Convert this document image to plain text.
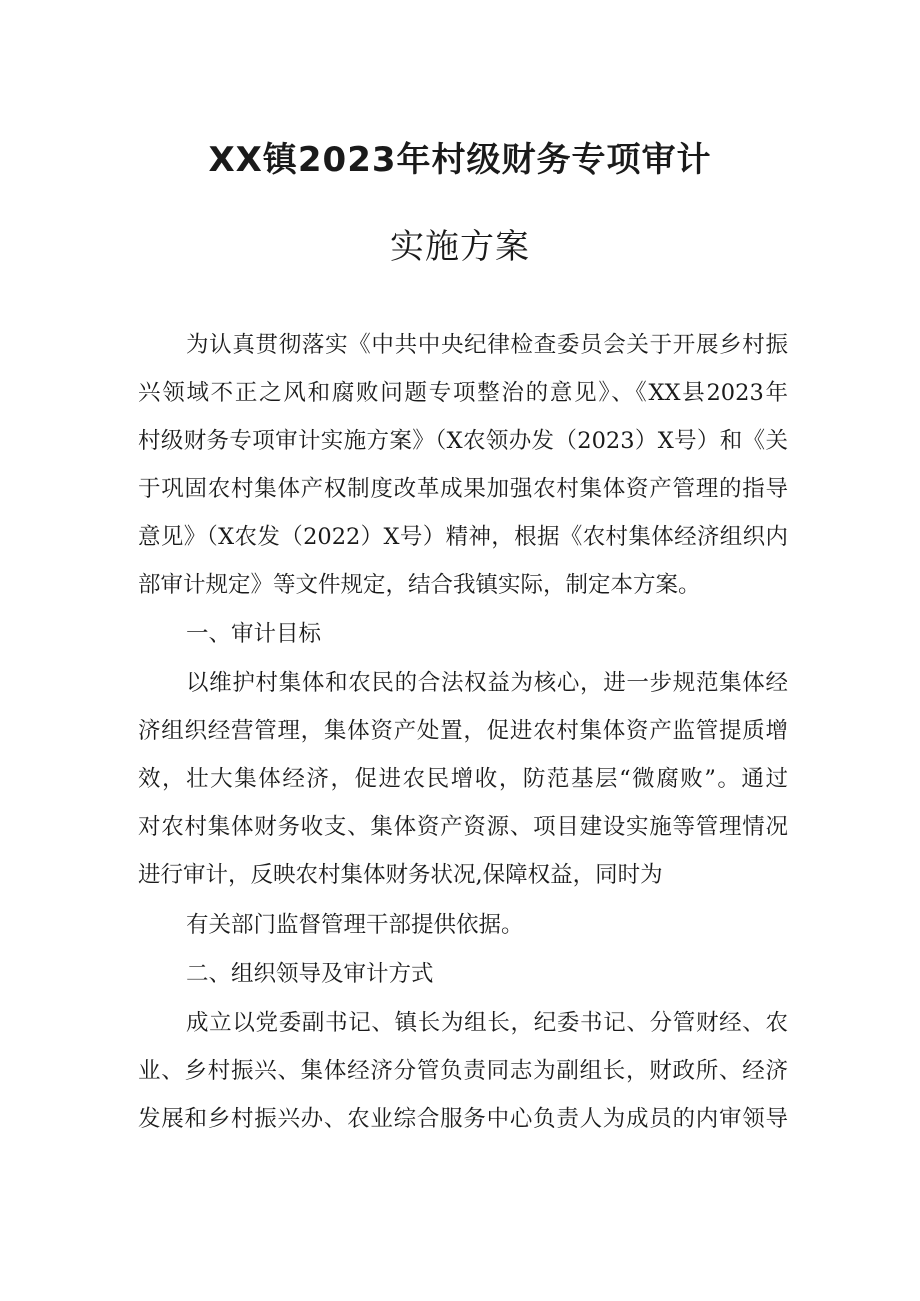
XX镇2023年村级财务专项审计
实施方案
为认真贯彻落实《中共中央纪律检查委员会关于开展乡村振
兴领域不正之风和腐败问题专项整治的意见》、《XX县2023年
村级财务专项审计实施方案》（X农领办发（2023）X号）和《关
于巩固农村集体产权制度改革成果加强农村集体资产管理的指导
意见》（X农发（2022）X号）精神，根据《农村集体经济组织内
部审计规定》等文件规定，结合我镇实际，制定本方案。
一、审计目标
以维护村集体和农民的合法权益为核心，进一步规范集体经
济组织经营管理，集体资产处置，促进农村集体资产监管提质增
效，壮大集体经济，促进农民增收，防范基层“微腐败”。通过
对农村集体财务收支、集体资产资源、项目建设实施等管理情况
进行审计，反映农村集体财务状况,保障权益，同时为
有关部门监督管理干部提供依据。
二、组织领导及审计方式
成立以党委副书记、镇长为组长，纪委书记、分管财经、农
业、乡村振兴、集体经济分管负责同志为副组长，财政所、经济
发展和乡村振兴办、农业综合服务中心负责人为成员的内审领导
